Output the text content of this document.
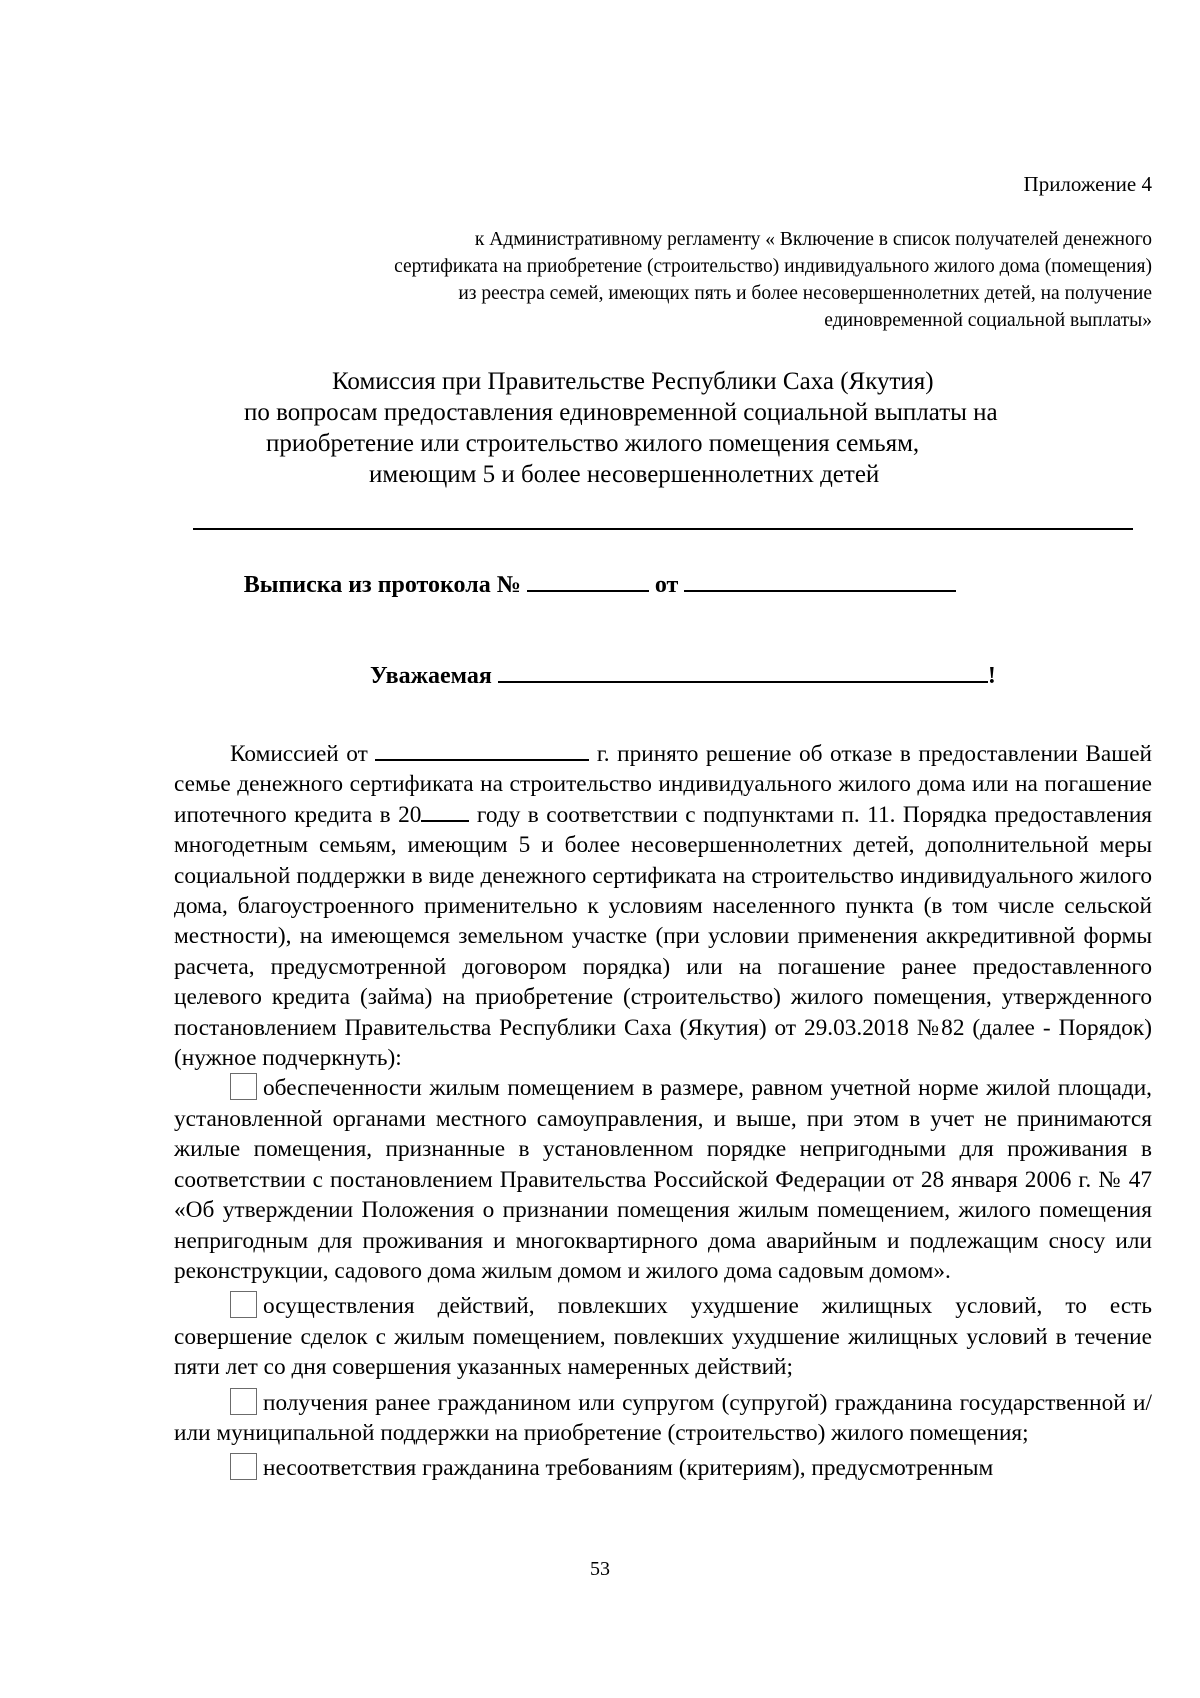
Приложение 4
к Административному регламенту « Включение в список получателей денежного
сертификата на приобретение (строительство) индивидуального жилого дома (помещения)
из реестра семей, имеющих пять и более несовершеннолетних детей, на получение
единовременной социальной выплаты»
Комиссия при Правительстве Республики Саха (Якутия)
по вопросам предоставления единовременной социальной выплаты на
приобретение или строительство жилого помещения семьям,
имеющим 5 и более несовершеннолетних детей
Выписка из протокола №	от
Уважаемая	!

Комиссией от	г. принято решение об отказе в предоставлении Вашей семье денежного сертификата на строительство индивидуального жилого дома или на погашение ипотечного кредита в 20 году в соответствии с подпунктами п. 11. Порядка предоставления многодетным семьям, имеющим 5 и более несовершеннолетних детей, дополнительной меры социальной поддержки в виде денежного сертификата на строительство индивидуального жилого дома, благоустроенного применительно к условиям населенного пункта (в том числе сельской местности), на имеющемся земельном участке (при условии применения аккредитивной формы расчета, предусмотренной договором порядка) или на погашение ранее предоставленного целевого кредита (займа) на приобретение (строительство) жилого помещения, утвержденного постановлением Правительства Республики Саха (Якутия) от 29.03.2018 №82 (далее - Порядок) (нужное подчеркнуть):

обеспеченности жилым помещением в размере, равном учетной норме жилой площади, установленной органами местного самоуправления, и выше, при этом в учет не принимаются жилые помещения, признанные в установленном порядке непригодными для проживания в соответствии с постановлением Правительства Российской Федерации от 28 января 2006 г. № 47 «Об утверждении Положения о признании помещения жилым помещением, жилого помещения непригодным для проживания и многоквартирного дома аварийным и подлежащим сносу или реконструкции, садового дома жилым домом и жилого дома садовым домом».

осуществления действий, повлекших ухудшение жилищных условий, то есть совершение сделок с жилым помещением, повлекших ухудшение жилищных условий в течение пяти лет со дня совершения указанных намеренных действий;

получения ранее гражданином или супругом (супругой) гражданина государственной и/или муниципальной поддержки на приобретение (строительство) жилого помещения;

несоответствия гражданина требованиям (критериям), предусмотренным

53
